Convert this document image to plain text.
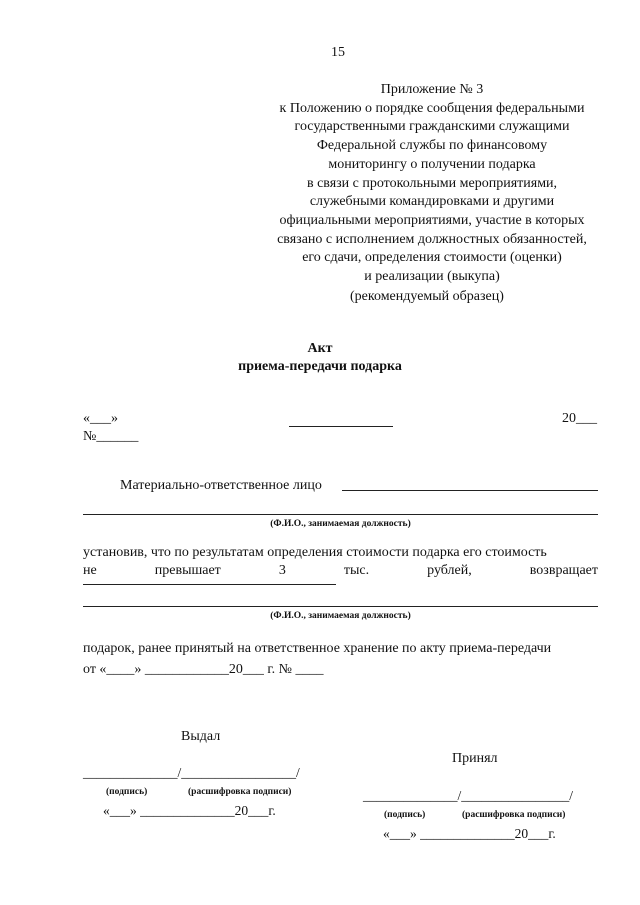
15
Приложение № 3
к Положению о порядке сообщения федеральными
государственными гражданскими служащими
Федеральной службы по финансовому
мониторингу о получении подарка
в связи с протокольными мероприятиями,
служебными командировками и другими
официальными мероприятиями, участие в которых
связано с исполнением должностных обязанностей,
его сдачи, определения стоимости (оценки)
и реализации (выкупа)
(рекомендуемый образец)
Акт
приема-передачи подарка
«___»	20___
№______
Материально-ответственное лицо
(Ф.И.О., занимаемая должность)
установив, что по результатам определения стоимости подарка его стоимость
не	превышает	3	тыс.	рублей,	возвращает
(Ф.И.О., занимаемая должность)
подарок, ранее принятый на ответственное хранение по акту приема-передачи
от «____» ____________20___ г. № ____
Выдал
______________/_________________/
(подпись)	(расшифровка подписи)
«___» ______________20___г.
Принял
______________/________________/
(подпись)	(расшифровка подписи)
«___» ______________20___г.
